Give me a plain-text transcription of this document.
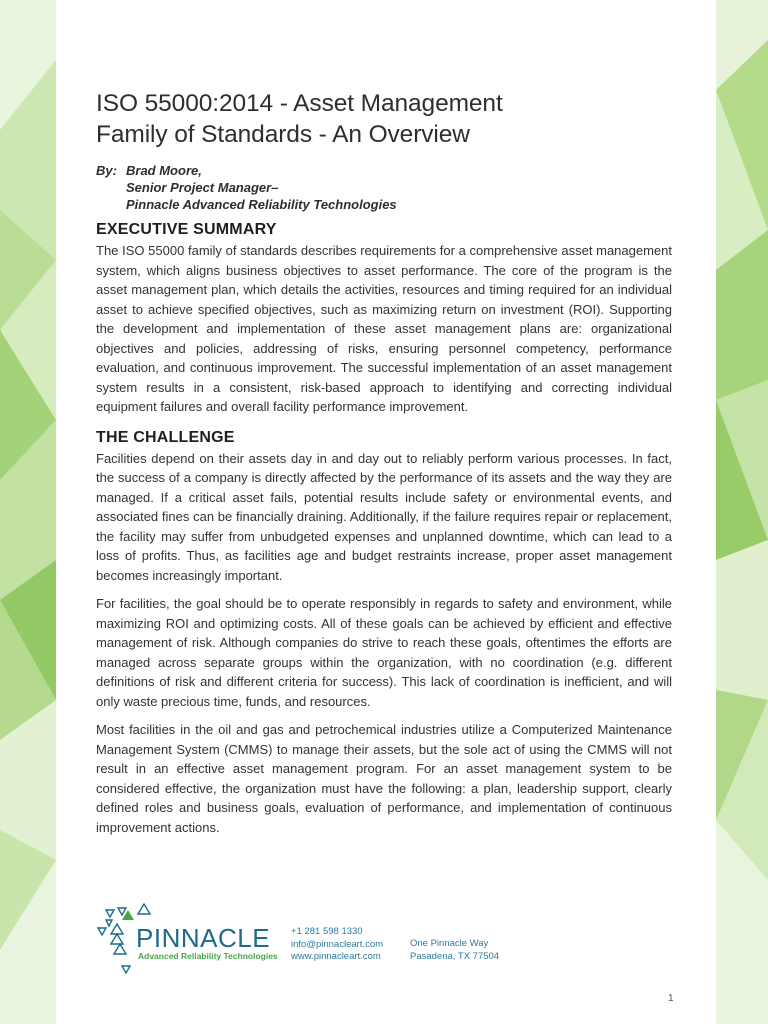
ISO 55000:2014 - Asset Management
Family of Standards - An Overview
By: Brad Moore,
Senior Project Manager–
Pinnacle Advanced Reliability Technologies
EXECUTIVE SUMMARY

The ISO 55000 family of standards describes requirements for a comprehensive asset management system, which aligns business objectives to asset performance. The core of the program is the asset management plan, which details the activities, resources and timing required for an individual asset to achieve specified objectives, such as maximizing return on investment (ROI). Supporting the development and implementation of these asset management plans are: organizational objectives and policies, addressing of risks, ensuring personnel competency, performance evaluation, and continuous improvement. The successful implementation of an asset management system results in a consistent, risk-based approach to identifying and correcting individual equipment failures and overall facility performance improvement.

THE CHALLENGE

Facilities depend on their assets day in and day out to reliably perform various processes. In fact, the success of a company is directly affected by the performance of its assets and the way they are managed. If a critical asset fails, potential results include safety or environmental events, and associated fines can be financially draining. Additionally, if the failure requires repair or replacement, the facility may suffer from unbudgeted expenses and unplanned downtime, which can lead to a loss of profits. Thus, as facilities age and budget restraints increase, proper asset management becomes increasingly important.

For facilities, the goal should be to operate responsibly in regards to safety and environment, while maximizing ROI and optimizing costs. All of these goals can be achieved by efficient and effective management of risk. Although companies do strive to reach these goals, oftentimes the efforts are managed across separate groups within the organization, with no coordination (e.g. different definitions of risk and different criteria for success). This lack of coordination is inefficient, and will only waste precious time, funds, and resources.

Most facilities in the oil and gas and petrochemical industries utilize a Computerized Maintenance Management System (CMMS) to manage their assets, but the sole act of using the CMMS will not result in an effective asset management program. For an asset management system to be considered effective, the organization must have the following: a plan, leadership support, clearly defined roles and business goals, evaluation of performance, and implementation of continuous improvement actions.

PINNACLE
Advanced Reliability Technologies
+1 281 598 1330
info@pinnacleart.com
www.pinnacleart.com
One Pinnacle Way
Pasadena, TX 77504
1
